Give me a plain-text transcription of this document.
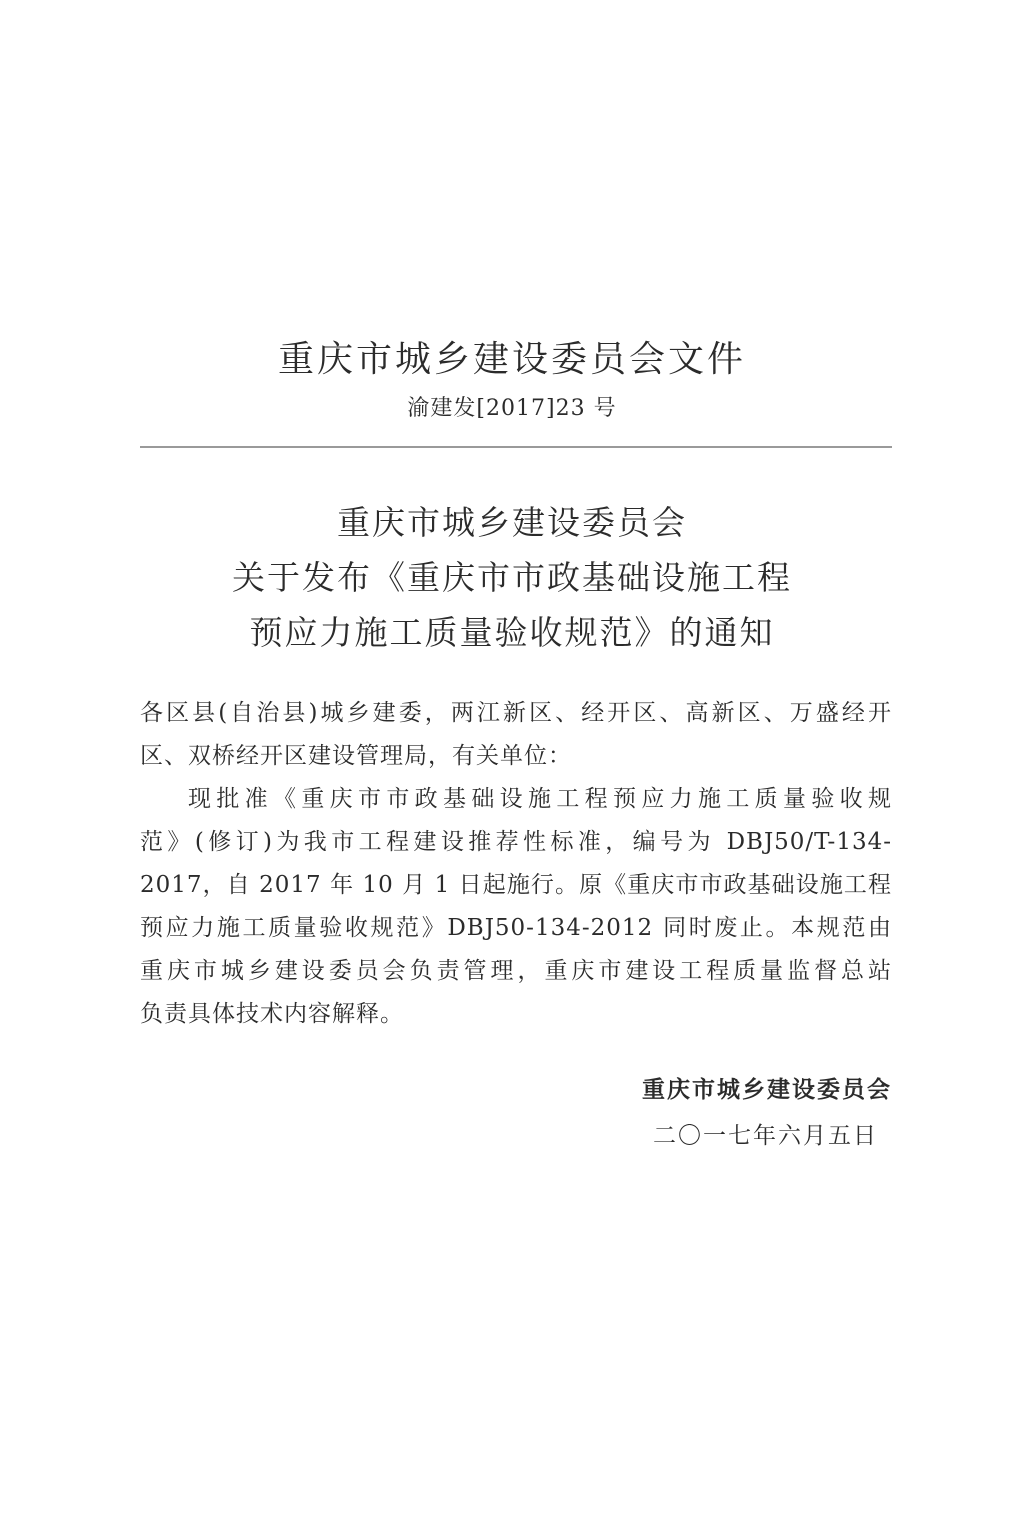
重庆市城乡建设委员会文件
渝建发[2017]23 号
重庆市城乡建设委员会
关于发布《重庆市市政基础设施工程
预应力施工质量验收规范》的通知
各区县(自治县)城乡建委，两江新区、经开区、高新区、万盛经开
区、双桥经开区建设管理局，有关单位：
现批准《重庆市市政基础设施工程预应力施工质量验收规
范》(修订)为我市工程建设推荐性标准，编号为 DBJ50/T-134-
2017，自 2017 年 10 月 1 日起施行。原《重庆市市政基础设施工程
预应力施工质量验收规范》DBJ50-134-2012 同时废止。本规范由
重庆市城乡建设委员会负责管理，重庆市建设工程质量监督总站
负责具体技术内容解释。
重庆市城乡建设委员会
二〇一七年六月五日
